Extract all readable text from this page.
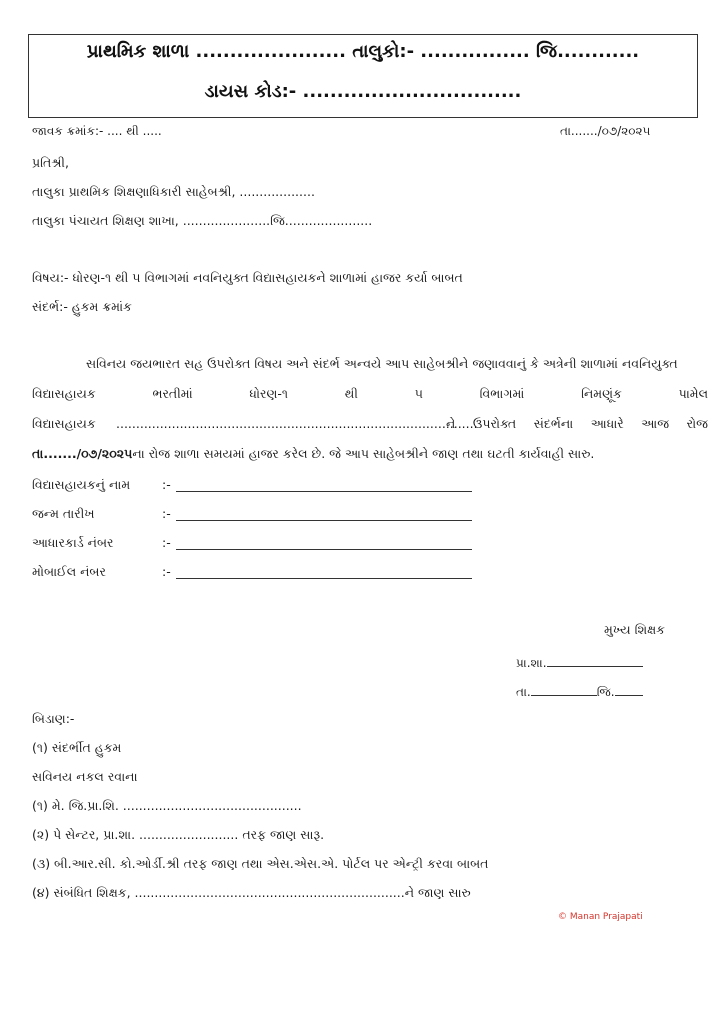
પ્રાથમિક શાળા ...................... તાલુકો:- ................ જિ............
ડાયસ કોડ:- ................................
જાવક ક્રમાંક:- .... થી .....	તા......./૦૭/૨૦૨૫
પ્રતિશ્રી,
તાલુકા પ્રાથમિક શિક્ષણાધિકારી સાહેબશ્રી, ...................
તાલુકા પંચાયત શિક્ષણ શાખા, ......................જિ......................
વિષય:- ધોરણ-૧ થી ૫ વિભાગમાં નવનિયુક્ત વિદ્યાસહાયકને શાળામાં હાજર કર્યા બાબત
સંદર્ભ:- હુકમ ક્રમાંક
સવિનય જયભારત સહ ઉપરોક્ત વિષય અને સંદર્ભ અન્વયે આપ સાહેબશ્રીને જણાવવાનું કે અત્રેની શાળામાં નવનિયુક્ત
વિદ્યાસહાયક	ભરતીમાં	ધોરણ-૧	થી	૫	વિભાગમાં	નિમણૂંક	પામેલ
વિદ્યાસહાયક ...........................................................................................
ને ઉપરોક્ત સંદર્ભના આધારે આજ રોજ
તા......./૦૭/૨૦૨૫ના રોજ શાળા સમયમાં હાજર કરેલ છે. જે આપ સાહેબશ્રીને જાણ તથા ઘટતી કાર્યવાહી સારુ.
વિદ્યાસહાયકનું નામ	:-
જન્મ તારીખ	:-
આધારકાર્ડ નંબર	:-
મોબાઈલ નંબર	:-
મુખ્ય શિક્ષક
પ્રા.શા.
તા.	જિ.
બિડાણ:-
(૧) સંદર્ભીત હુકમ
સવિનય નકલ રવાના
(૧) મે. જિ.પ્રા.શિ. .............................................
(૨) પે સેન્ટર, પ્રા.શા. ......................... તરફ જાણ સારૂ.
(૩) બી.આર.સી. કો.ઓર્ડી.શ્રી તરફ જાણ તથા એસ.એસ.એ. પોર્ટલ પર એન્ટ્રી કરવા બાબત
(૪) સંબંધિત શિક્ષક, ....................................................................ને જાણ સારુ
© Manan Prajapati
